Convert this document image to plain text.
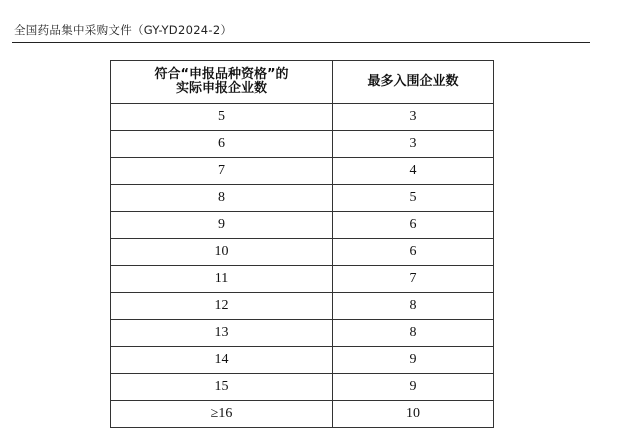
全国药品集中采购文件（GY-YD2024-2）
符合“申报品种资格”的
实际申报企业数	最多入围企业数
5	3
6	3
7	4
8	5
9	6
10	6
11	7
12	8
13	8
14	9
15	9
≥16	10
